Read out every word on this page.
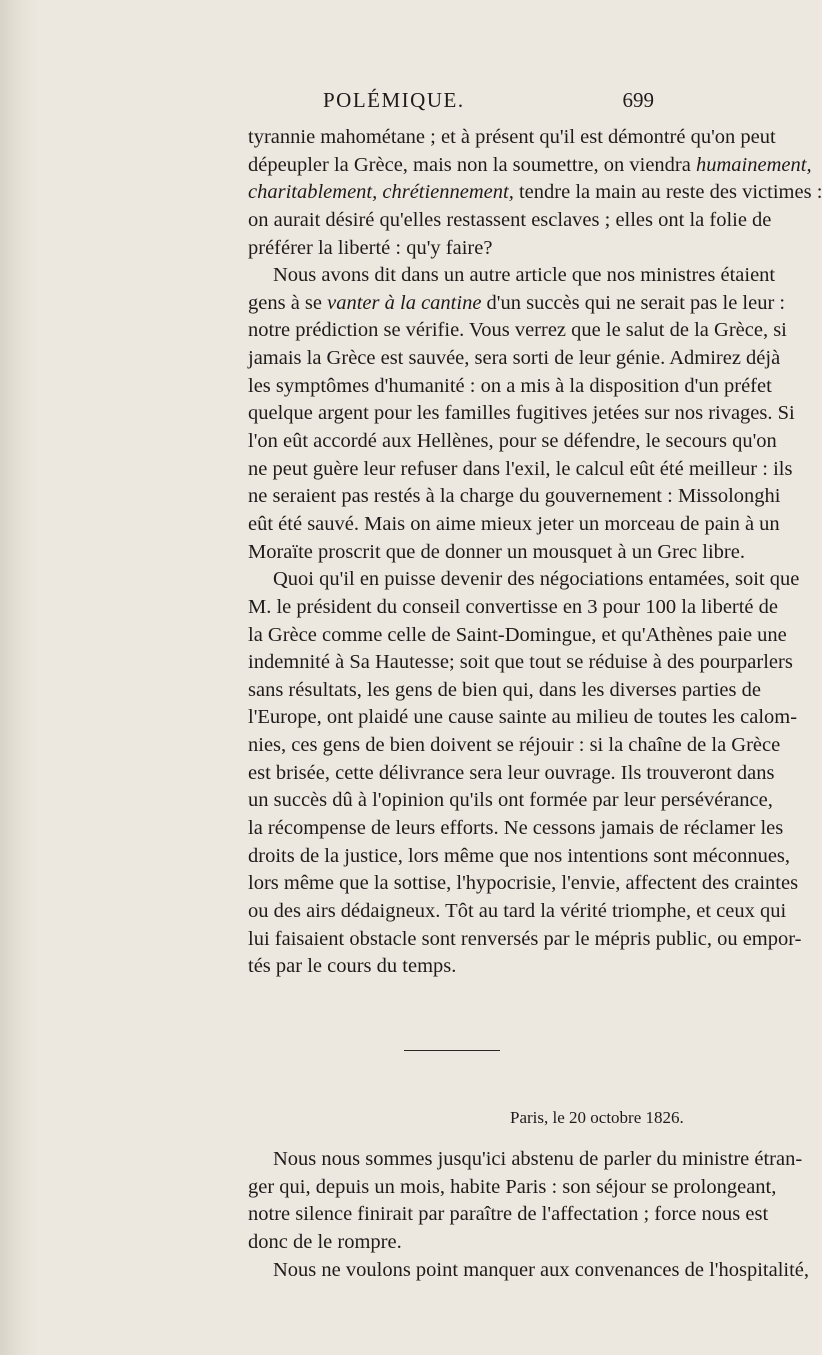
POLÉMIQUE.	699
tyrannie mahométane ; et à présent qu'il est démontré qu'on peut
dépeupler la Grèce, mais non la soumettre, on viendra humainement,
charitablement, chrétiennement, tendre la main au reste des victimes :
on aurait désiré qu'elles restassent esclaves ; elles ont la folie de
préférer la liberté : qu'y faire?
Nous avons dit dans un autre article que nos ministres étaient
gens à se vanter à la cantine d'un succès qui ne serait pas le leur :
notre prédiction se vérifie. Vous verrez que le salut de la Grèce, si
jamais la Grèce est sauvée, sera sorti de leur génie. Admirez déjà
les symptômes d'humanité : on a mis à la disposition d'un préfet
quelque argent pour les familles fugitives jetées sur nos rivages. Si
l'on eût accordé aux Hellènes, pour se défendre, le secours qu'on
ne peut guère leur refuser dans l'exil, le calcul eût été meilleur : ils
ne seraient pas restés à la charge du gouvernement : Missolonghi
eût été sauvé. Mais on aime mieux jeter un morceau de pain à un
Moraïte proscrit que de donner un mousquet à un Grec libre.
Quoi qu'il en puisse devenir des négociations entamées, soit que
M. le président du conseil convertisse en 3 pour 100 la liberté de
la Grèce comme celle de Saint-Domingue, et qu'Athènes paie une
indemnité à Sa Hautesse; soit que tout se réduise à des pourparlers
sans résultats, les gens de bien qui, dans les diverses parties de
l'Europe, ont plaidé une cause sainte au milieu de toutes les calom-
nies, ces gens de bien doivent se réjouir : si la chaîne de la Grèce
est brisée, cette délivrance sera leur ouvrage. Ils trouveront dans
un succès dû à l'opinion qu'ils ont formée par leur persévérance,
la récompense de leurs efforts. Ne cessons jamais de réclamer les
droits de la justice, lors même que nos intentions sont méconnues,
lors même que la sottise, l'hypocrisie, l'envie, affectent des craintes
ou des airs dédaigneux. Tôt au tard la vérité triomphe, et ceux qui
lui faisaient obstacle sont renversés par le mépris public, ou empor-
tés par le cours du temps.
Paris, le 20 octobre 1826.
Nous nous sommes jusqu'ici abstenu de parler du ministre étran-
ger qui, depuis un mois, habite Paris : son séjour se prolongeant,
notre silence finirait par paraître de l'affectation ; force nous est
donc de le rompre.
Nous ne voulons point manquer aux convenances de l'hospitalité,
